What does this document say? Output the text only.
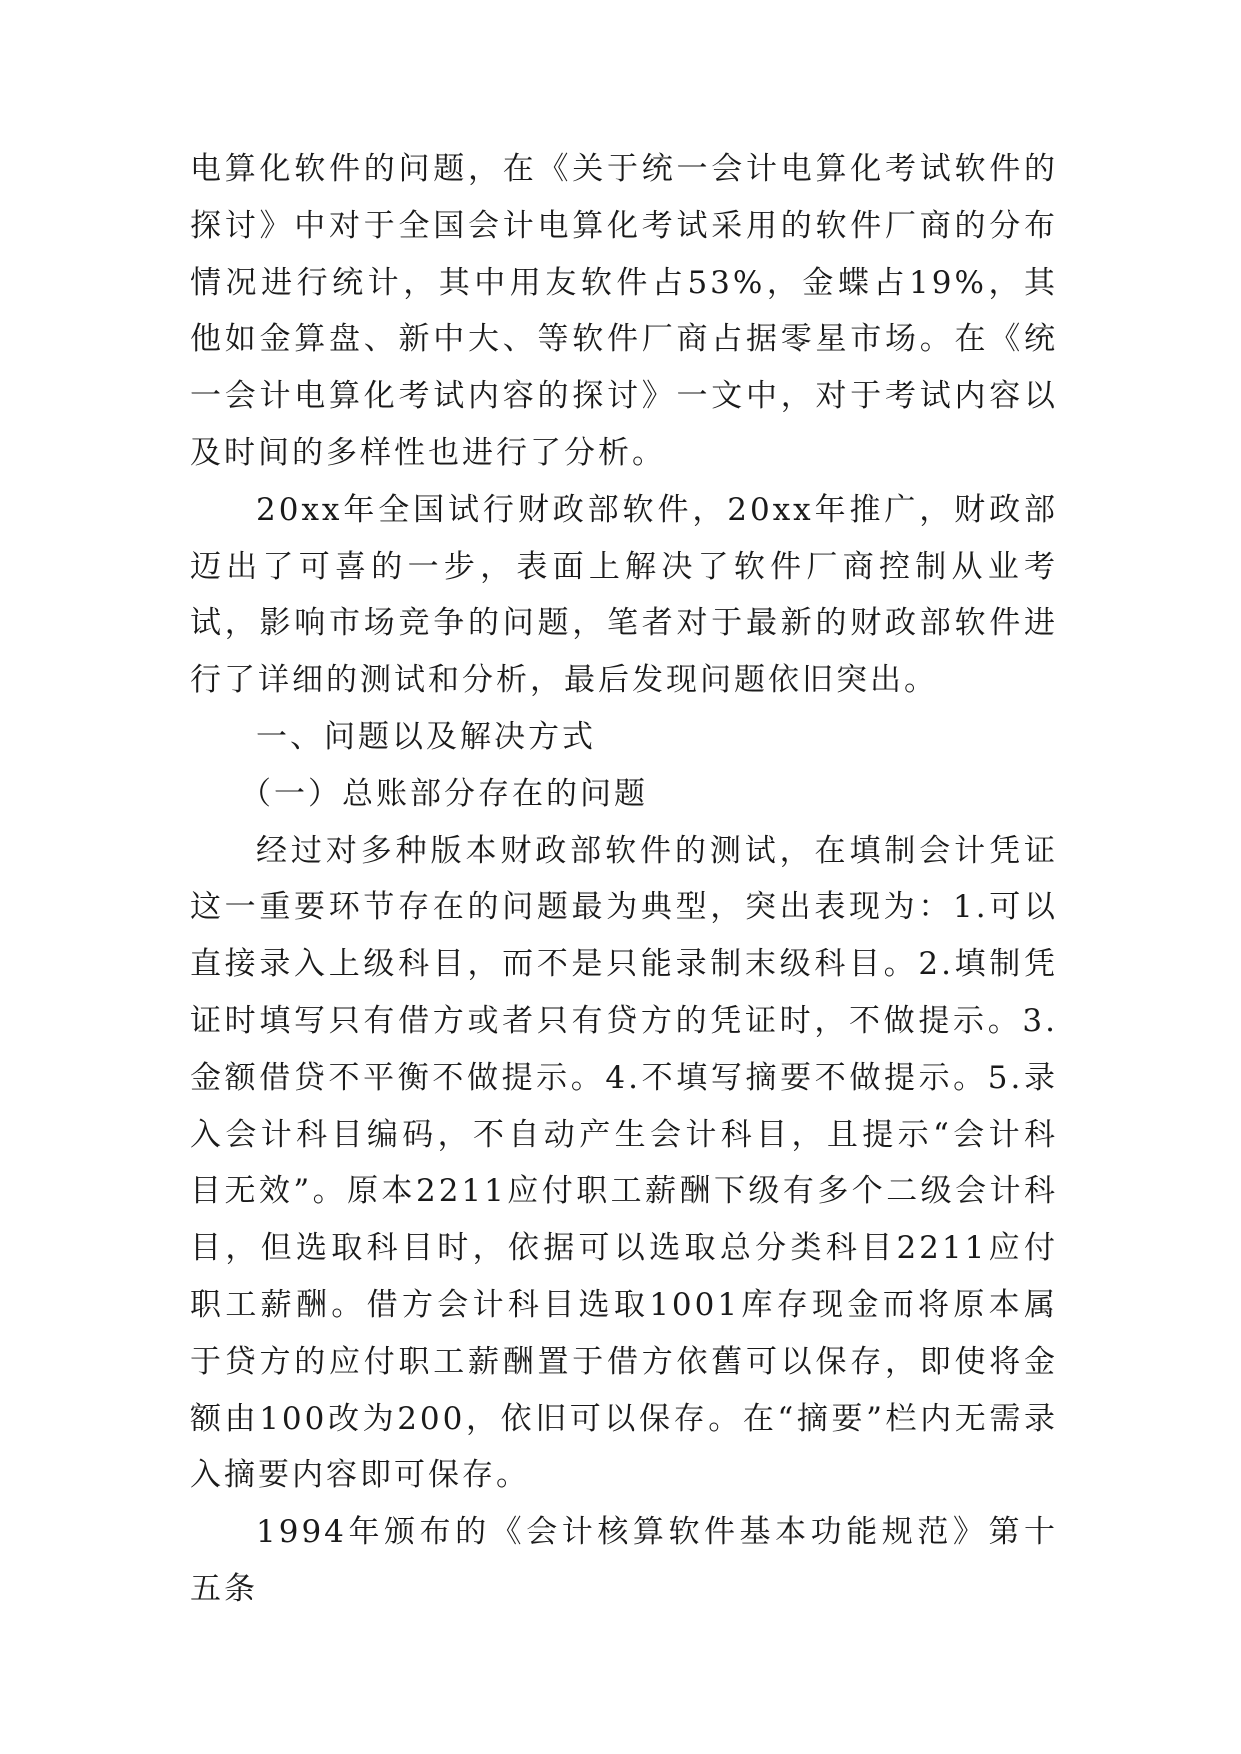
电算化软件的问题，在《关于统一会计电算化考试软件的探讨》中对于全国会计电算化考试采用的软件厂商的分布情况进行统计，其中用友软件占53%，金蝶占19%，其他如金算盘、新中大、等软件厂商占据零星市场。在《统一会计电算化考试内容的探讨》一文中，对于考试内容以及时间的多样性也进行了分析。

20xx年全国试行财政部软件，20xx年推广，财政部迈出了可喜的一步，表面上解决了软件厂商控制从业考试，影响市场竞争的问题，笔者对于最新的财政部软件进行了详细的测试和分析，最后发现问题依旧突出。

一、问题以及解决方式

（一）总账部分存在的问题

经过对多种版本财政部软件的测试，在填制会计凭证这一重要环节存在的问题最为典型，突出表现为：1.可以直接录入上级科目，而不是只能录制末级科目。2.填制凭证时填写只有借方或者只有贷方的凭证时，不做提示。3.金额借贷不平衡不做提示。4.不填写摘要不做提示。5.录入会计科目编码，不自动产生会计科目，且提示“会计科目无效”。原本2211应付职工薪酬下级有多个二级会计科目，但选取科目时，依据可以选取总分类科目2211应付职工薪酬。借方会计科目选取1001库存现金而将原本属于贷方的应付职工薪酬置于借方依舊可以保存，即使将金额由100改为200，依旧可以保存。在“摘要”栏内无需录入摘要内容即可保存。

1994年颁布的《会计核算软件基本功能规范》第十五条
